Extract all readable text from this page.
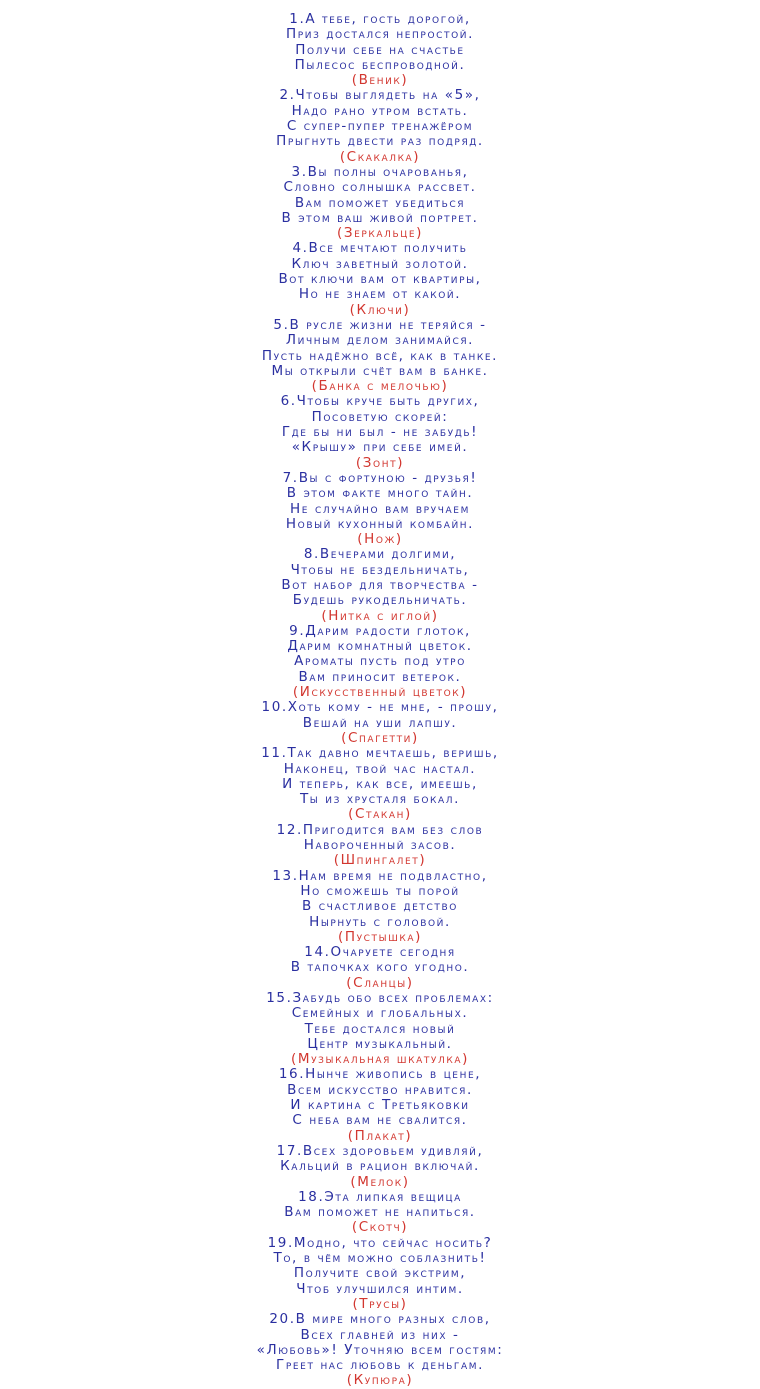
1.А тебе, гость дорогой,
Приз достался непростой.
Получи себе на счастье
Пылесос беспроводной.
(Веник)
2.Чтобы выглядеть на «5»,
Надо рано утром встать.
С супер-пупер тренажёром
Прыгнуть двести раз подряд.
(Скакалка)
3.Вы полны очарованья,
Словно солнышка рассвет.
Вам поможет убедиться
В этом ваш живой портрет.
(Зеркальце)
4.Все мечтают получить
Ключ заветный золотой.
Вот ключи вам от квартиры,
Но не знаем от какой.
(Ключи)
5.В русле жизни не теряйся -
Личным делом занимайся.
Пусть надёжно всё, как в танке.
Мы открыли счёт вам в банке.
(Банка с мелочью)
6.Чтобы круче быть других,
Посоветую скорей:
Где бы ни был - не забудь!
«Крышу» при себе имей.
(Зонт)
7.Вы с фортуною - друзья!
В этом факте много тайн.
Не случайно вам вручаем
Новый кухонный комбайн.
(Нож)
8.Вечерами долгими,
Чтобы не бездельничать,
Вот набор для творчества -
Будешь рукодельничать.
(Нитка с иглой)
9.Дарим радости глоток,
Дарим комнатный цветок.
Ароматы пусть под утро
Вам приносит ветерок.
(Искусственный цветок)
10.Хоть кому - не мне, - прошу,
Вешай на уши лапшу.
(Спагетти)
11.Так давно мечтаешь, веришь,
Наконец, твой час настал.
И теперь, как все, имеешь,
Ты из хрусталя бокал.
(Стакан)
12.Пригодится вам без слов
Навороченный засов.
(Шпингалет)
13.Нам время не подвластно,
Но сможешь ты порой
В счастливое детство
Нырнуть с головой.
(Пустышка)
14.Очаруете сегодня
В тапочках кого угодно.
(Сланцы)
15.Забудь обо всех проблемах:
Семейных и глобальных.
Тебе достался новый
Центр музыкальный.
(Музыкальная шкатулка)
16.Нынче живопись в цене,
Всем искусство нравится.
И картина с Третьяковки
С неба вам не свалится.
(Плакат)
17.Всех здоровьем удивляй,
Кальций в рацион включай.
(Мелок)
18.Эта липкая вещица
Вам поможет не напиться.
(Скотч)
19.Модно, что сейчас носить?
То, в чём можно соблазнить!
Получите свой экстрим,
Чтоб улучшился интим.
(Трусы)
20.В мире много разных слов,
Всех главней из них -
«Любовь»! Уточняю всем гостям:
Греет нас любовь к деньгам.
(Купюра)
